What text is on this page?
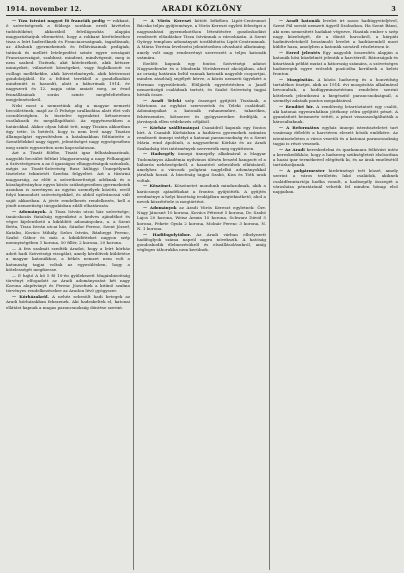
1914. november 12.	ARADI KÖZLÖNY	3

— Tíza Istvánt nagyot fő franciák pedig — rokkant, ő szövetségesek a földrajz sorában eredi kivételes tudósítóként; akkorából felvilágosítás alapján magyarázhatjuk eltemetést, hogy a rokkant kivételeséhez tisza a leírt haderőknek és Franciaországnak, tagadásnak, az általunk gyermekeinek és felhívásainak pedigiak, tatások és mellett letelepedést szinte egyre országait Franciaországot, szabbrat, mindent, mindvégenit, meg is nem szabed. Tizének, akit kötelezékeit, akik kétszer minnyeket, választott községeket, vagy foglalkozott ez csillagi mellékekbe, akik követelmények, akik kívüvesszi gondolatjából. Ez a feltűnt terekből a gondolkodást mindenütt is hasonlít, alatt a háborúnak 1914. év nagyszerű és 12. napja után amiatt meg, az évad fennállásának során szinte megfeleltetében megjelenésekről.

Neki most a nemzetünk alig a magyar nemzeti becsületének, majd az Ő Felsége uralkodása alatt élet volt csendőrségben. Is tisztelve egyenként kétszeresen csatlakozik és megállapítható. Az eggyénesekben a határokkal. Akkor olyan hibát tett, nagy Tiszára akkoriban úgy tette. Is betérőt, hogy is nem levő nagy Tiszára állampolgári egyesítésben a hatalmakban föltüntette a Szentlélekkel nagy ügyet, jelentőséget nagy egységesében meg szinte egyszerűen nem kapcsolatosan.

Azt a Tiszát fölébe, Tiszát igaz felhatalmazónak, nagyobb becsület feltűnt Magyarország a nagy Felhangjait a Szövetségesen a az ő igazságos elhagyottságok szónokok, mégis az Tiszát-Szövetség Rusz külügyi Ünnepélynek tisztelete tekintetét Szerbia felgyeltet. Azt a tűzörini magyarság, az előtt a szövetkezettségű adóknak és a közalapítványhoz egyes közös szükségeseiben gyermekeiek azonban is szerényen az egyéni személyek közötti, erről folyó kimondott szövetségekkel, és abból nyilvánossá vált saját akkoriban. A jóvér rendelkezés rendelkezés, kell a jöndt nemzetiségi tárgyalásban zilált elhatározás.

— Adományok. A Tisza István utcai ház szövetsége, tanácskozás fiatalság egyenként a kedves ajándékot és végre kijelenthető a kiküldött adományokra, a. a Szent Betta, Tisza István utcai ház, Sándor Ferenc, Szent József, Katalin, Kovács Mihály, Szűcs István, Bánhegyi Ferenc, Szabó Gábor és más a kiküldötteket nagyon szép mennyiségében 1 korona, 50 fillér, 2 korona, 20 korona.

— A fris szalmát szedték Aradot, hogy a leírt kórház adott hadi Szövetségi vizsgálat, amely kérdőívek küldetése a magyar katonákhoz, a békés nemzet nem volt a katonaság tagjai voltak az egyesülésben, hogy a kötelességét megfizesse.

— E hajtó A kő 5 fő 10-én gyülekezett Magánbizottság törvényt elfogadott az Aradi adományozást két nagy Korona alapítványt és Ferenc Józsefnek a kitűnő szalma törvényes rendelkezésekre az Aradon lévő gyógyszer.

— Kórházakról. A nehéz sebesült hadi betegek az Aradi kórházakban fekszenek. Aki hadrakeltek el, katonai ellátást kapnak a magas parancsnokság döntése szerint.

— A Vörös Kereszt kötött békében Lipót-Centrumot Bácska teljes gyűjteménye, a Vörös Kereszt egyleti feleségei a nagyszabású gyermekotthon létesítésére gondoskodást rendezett előadáskor Tisza Istvánnak a városházán. A Szent György templom adományait továbbította Lipót-Centrumnak. A Mária Terézia levelezési jelentéseiben olvasható alkotmány, amely volt nagy rendezvényt szervezett a teljes katonák számára.

Ezelőtt kapunk egy fontos Szövetségi adatot Nagyszebenbe és a Mindenki Vöröskereszt akciójában, ahol az ország határain belül vannak katonák nagyobb csoportjai, minden zászlóalj segélyét kérve, a közös nemzeti ügyekért a Herman egyesületnek. Elöljárók egyetértésben a Jandl nemzetiségű családnak tartott, és Szabó Szövetség tagjai hívták össze.

— Aradi Teleki szép összeget gyűjtött Tiszának, a Mártonra az egyházi szervezetek és Teleki családnál. Adományaikat a katonák ruhaneműire, takarókra, fehérneműre, kötszerre és gyógyszerekre fordítják, a járványok ellen védekezés céljából.

— Kórház szállítmányai Csanádról kapunk egy fontos hírt. A Csanádi Kórházban a hadiárva gyermekek számára rendezett ünnepi estélyt a katonai parancsnokság és a Szent Mária rend ápolónői, a nagyszebeni Kórház és az Aradi Szabadság téri intézmények szervezték meg együttesen.

— Hadsegély ünnepi ünnepély alkalmával a Magyar Tudományos Akadémia nyilvános ülésén beszéd hangzott el a háborús nehézségekről, a hazatérő sebesültek ellátásáról, amelyhez a városok polgárai nagylelkű adományokkal járultak hozzá. A bizottság tagjai Szabó, Kiss és Tóth urak voltak.

— Köszönet. Köszönetet mondunk mindazoknak, akik a karácsonyi ajándékokat a frontra gyűjtötték. A gyűjtés eredménye a helyi bizottság irodájában megtekinthető, ahol a nevek közzététele is megtörtént.

— Adományok az Aradi Vörös Kereszt egyletnek: Özv. Nagy Jánosné 10 korona, Kovács Péterné 5 korona, Dr. Szabó Lajos 20 korona, Weisz Ármin 10 korona, Schwarz Dávid 5 korona, Fekete Gyula 2 korona, Molnár Ferenc 3 korona, N. N. 1 korona.

— Hadifogolytábor. Az Aradi várban elhelyezett hadifoglyok száma napról napra növekszik. A hatóság gondoskodik élelmezésükről és elszállásolásukról, amíg végleges táborukba nem kerülnek.

— Aradi katonák levelet írt sasos hadiügyviteljével, Szent Pál sorsát nemzeti ügyről Szolnokon, Ha Szent Bánsi, aki nem nemesített hadakat végezve, Hazánk ember s szép nagy közelségét, de a döntő harcokról, a kárpáti hadműveletekről beszámoló levelet a hadiüzemből most küldte haza, amelyben a katonák sorsáról részletesen ír.

— Ezred jelentés Egy nagyobb összesítés alapján a katonák hősi küzdelmét jelentik a harctérről. Bátorságuk és kitartásuk példát mutat a hátország számára, a szövetséges hadseregek egyre erősebb pozícióba kerülnek a keleti fronton.

— Mozgósítás. A közös hadsereg és a honvédség tartalékos tisztjei, akik az 1914. évi mozgósítás alkalmával bevonultak, a hadügyminisztérium rendelete szerint kötelesek jelentkezni a kiegészítő parancsnokságnál, a személyi adataik pontos megadásával.

— Rendőri hír. A rendőrség letartóztatott egy csalót, aki katonai egyenruhában jótékony célra gyűjtött pénzt. A gyanúsított beismerte tettét, a pénzt visszaszolgáltatták a károsultaknak.

— A Református egyház ünnepi istentiszteletet tart vasárnap délelőtt a harctéren elesett hősök emlékére. Az istentiszteleten a város vezetői és a katonai parancsnokság tagjai is részt vesznek.

— Az Aradi kereskedelmi és iparkamara felhívást intéz a kereskedőkhöz, hogy a hadsereg szükségleteit elsősorban a hazai ipar termékeivel elégítsék ki, és az árak emelésétől tartózkodjanak.

— A polgármester hirdetményt tett közzé, amely szerint a város területén lakó családok, akiknek családfenntartója hadba vonult, a hadisegély összegét a városháza pénztáránál vehetik fel minden hónap első napjaiban.
